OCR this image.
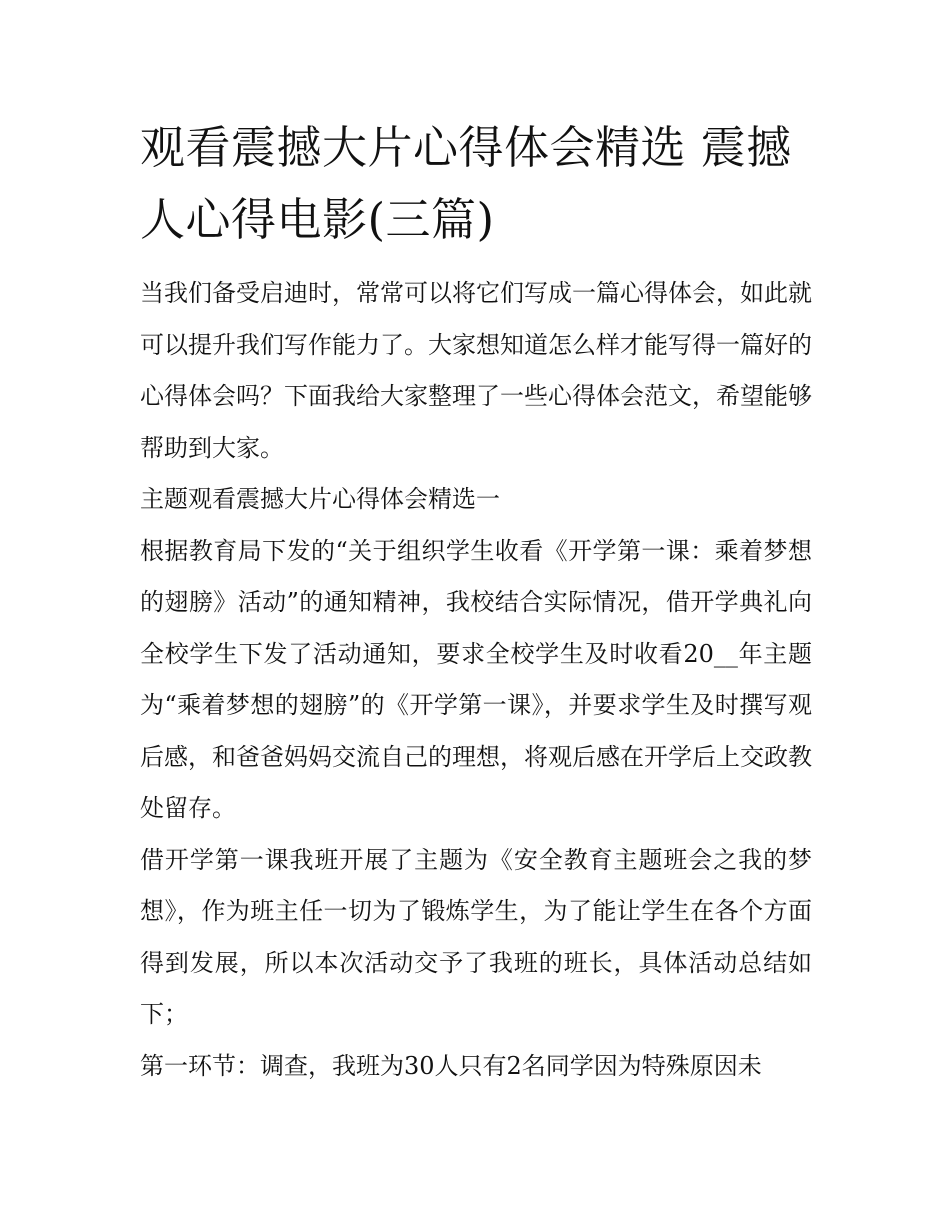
观看震撼大片心得体会精选 震撼人心得电影(三篇)

当我们备受启迪时，常常可以将它们写成一篇心得体会，如此就可以提升我们写作能力了。大家想知道怎么样才能写得一篇好的心得体会吗？下面我给大家整理了一些心得体会范文，希望能够帮助到大家。

主题观看震撼大片心得体会精选一

根据教育局下发的“关于组织学生收看《开学第一课：乘着梦想的翅膀》活动”的通知精神，我校结合实际情况，借开学典礼向全校学生下发了活动通知，要求全校学生及时收看20__年主题为“乘着梦想的翅膀”的《开学第一课》，并要求学生及时撰写观后感，和爸爸妈妈交流自己的理想，将观后感在开学后上交政教处留存。

借开学第一课我班开展了主题为《安全教育主题班会之我的梦想》，作为班主任一切为了锻炼学生，为了能让学生在各个方面得到发展，所以本次活动交予了我班的班长，具体活动总结如下；

第一环节：调查，我班为30人只有2名同学因为特殊原因未
